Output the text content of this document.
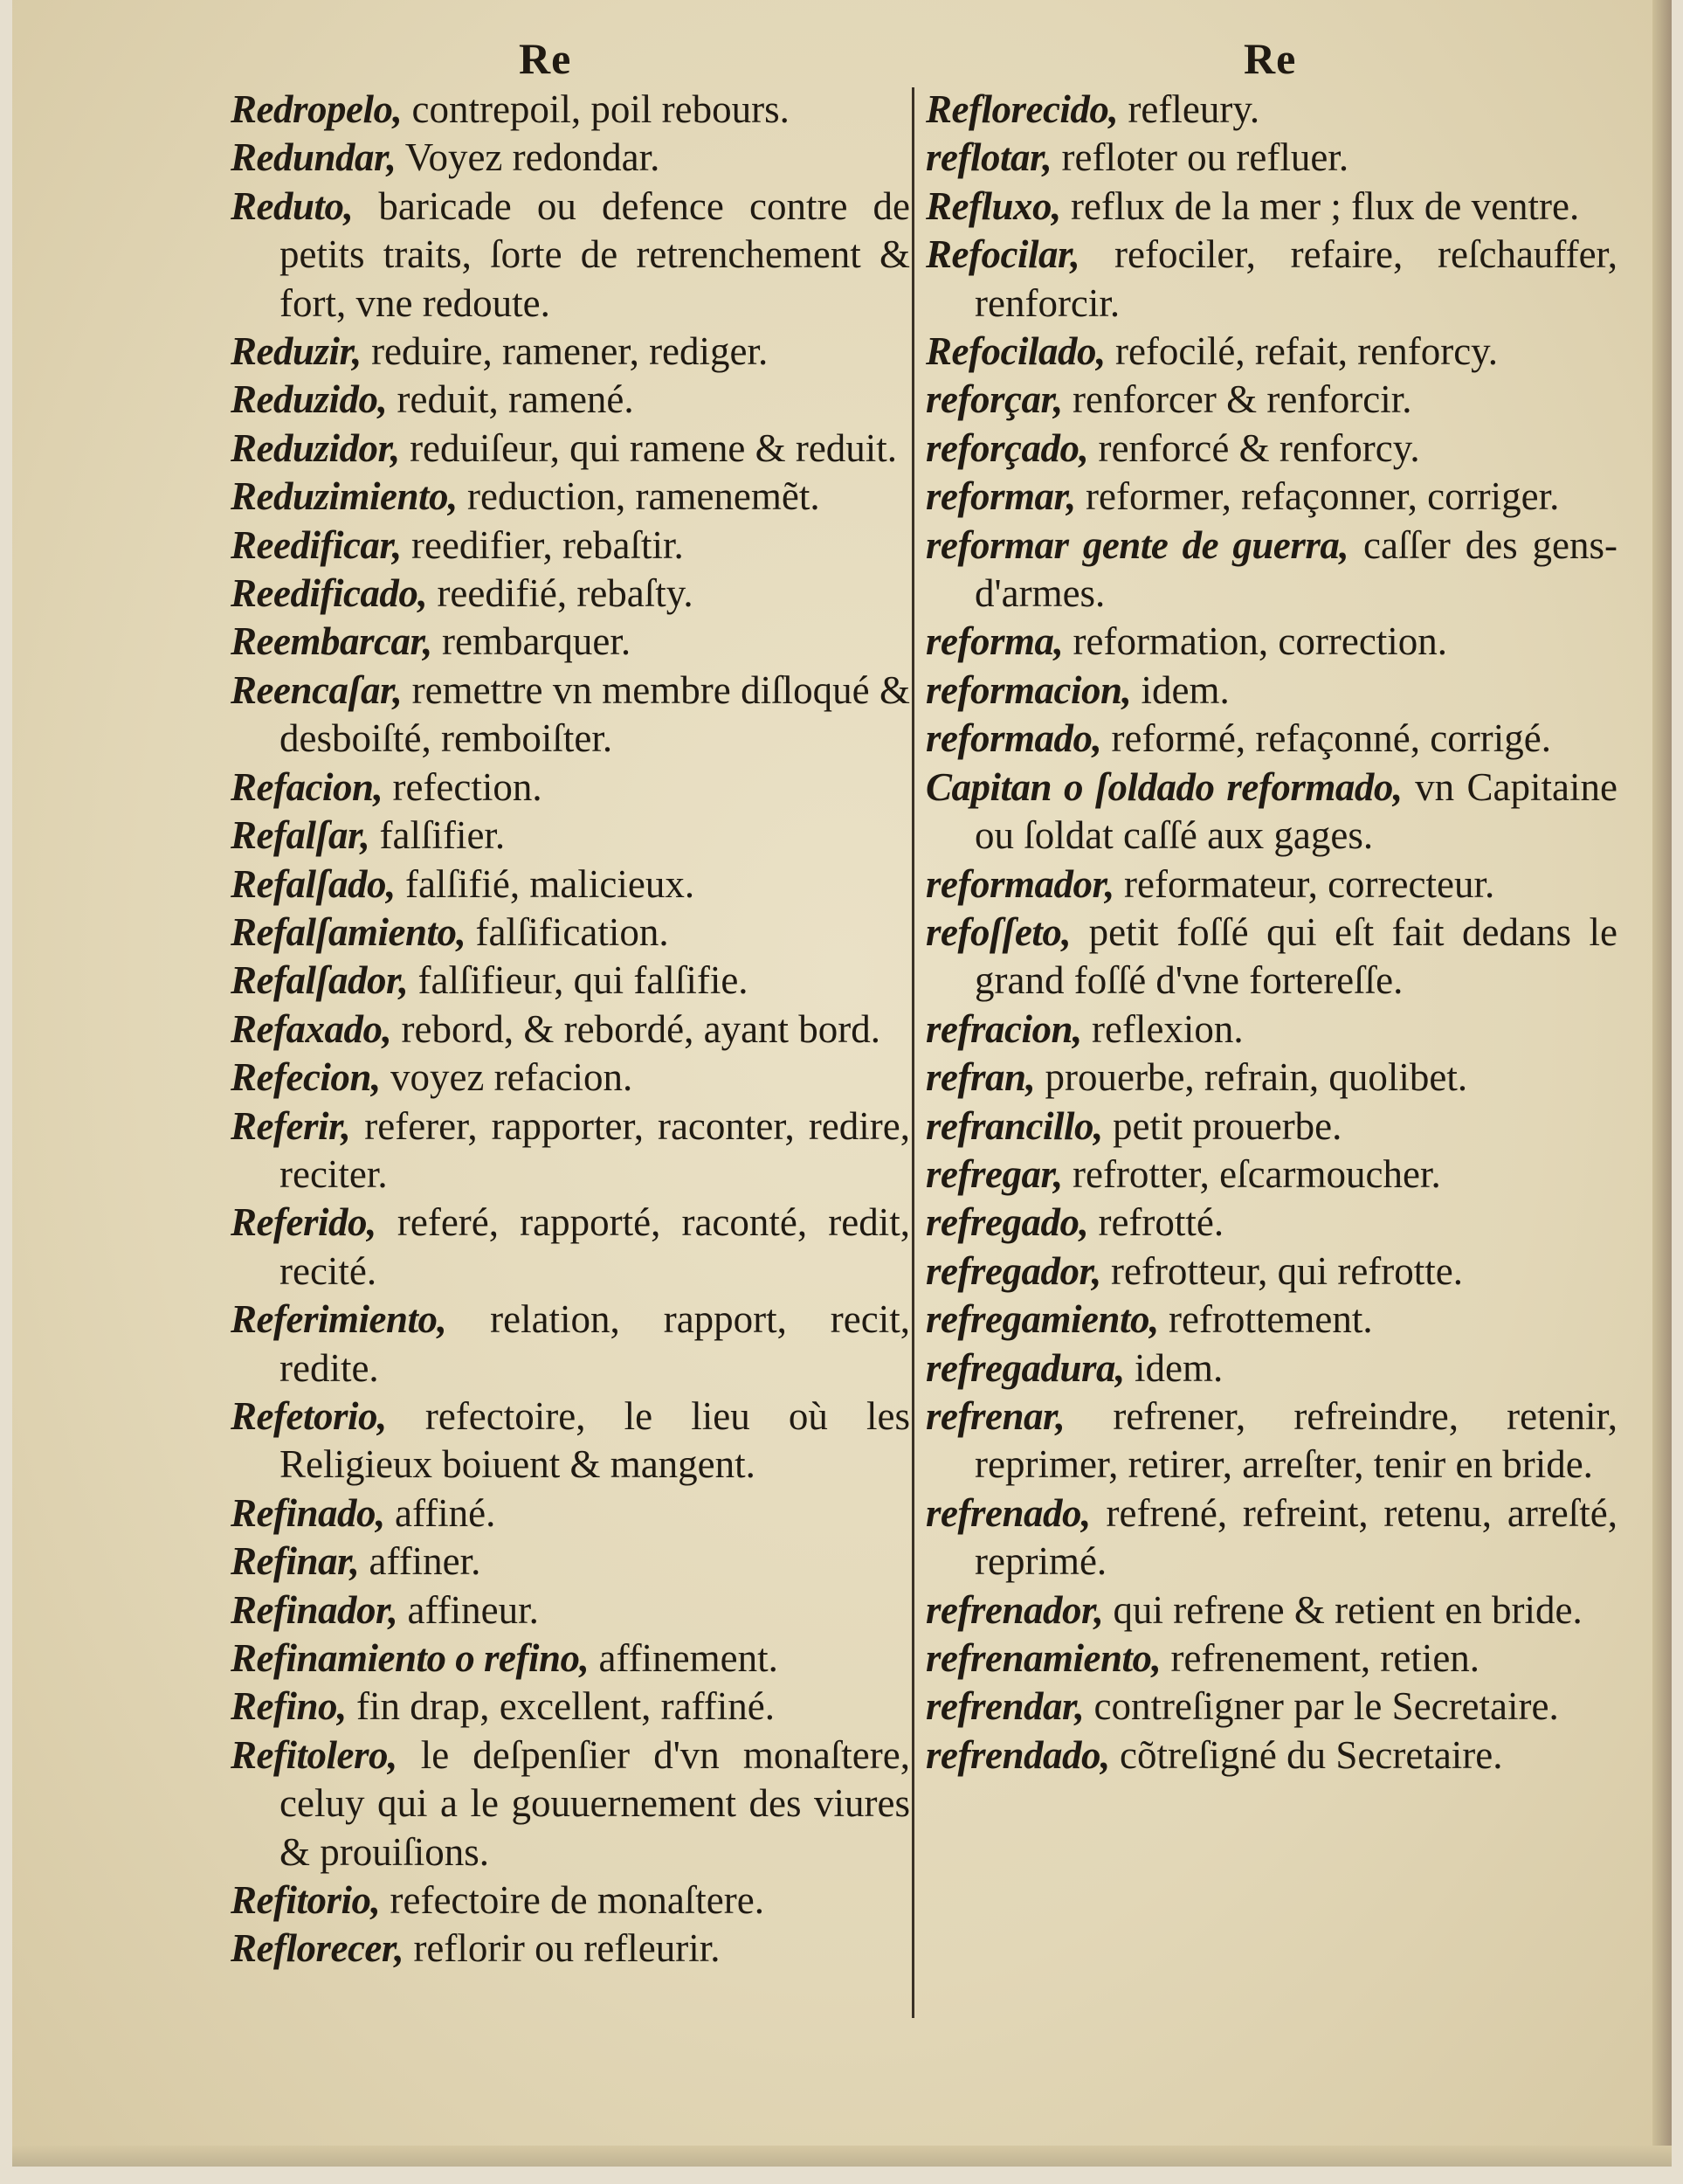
Re	Re

Redropelo, contrepoil, poil rebours.

Redundar, Voyez redondar.

Reduto, baricade ou defence contre de petits traits, ſorte de retrenchement & fort, vne redoute.

Reduzir, reduire, ramener, rediger.

Reduzido, reduit, ramené.

Reduzidor, reduiſeur, qui ramene & reduit.

Reduzimiento, reduction, ramenemẽt.

Reedificar, reedifier, rebaſtir.

Reedificado, reedifié, rebaſty.

Reembarcar, rembarquer.

Reencaſar, remettre vn membre diſloqué & desboiſté, remboiſter.

Refacion, refection.

Refalſar, falſifier.

Refalſado, falſifié, malicieux.

Refalſamiento, falſification.

Refalſador, falſifieur, qui falſifie.

Refaxado, rebord, & rebordé, ayant bord.

Refecion, voyez refacion.

Referir, referer, rapporter, raconter, redire, reciter.

Referido, referé, rapporté, raconté, redit, recité.

Referimiento, relation, rapport, recit, redite.

Refetorio, refectoire, le lieu où les Religieux boiuent & mangent.

Refinado, affiné.

Refinar, affiner.

Refinador, affineur.

Refinamiento o refino, affinement.

Refino, fin drap, excellent, raffiné.

Refitolero, le deſpenſier d'vn monaſtere, celuy qui a le gouuernement des viures & prouiſions.

Refitorio, refectoire de monaſtere.

Reflorecer, reflorir ou refleurir.

Reflorecido, refleury.

reflotar, refloter ou refluer.

Refluxo, reflux de la mer ; flux de ventre.

Refocilar, refociler, refaire, reſchauffer, renforcir.

Refocilado, refocilé, refait, renforcy.

reforçar, renforcer & renforcir.

reforçado, renforcé & renforcy.

reformar, reformer, refaçonner, corriger.

reformar gente de guerra, caſſer des gens-d'armes.

reforma, reformation, correction.

reformacion, idem.

reformado, reformé, refaçonné, corrigé.

Capitan o ſoldado reformado, vn Capitaine ou ſoldat caſſé aux gages.

reformador, reformateur, correcteur.

refoſſeto, petit foſſé qui eſt fait dedans le grand foſſé d'vne fortereſſe.

refracion, reflexion.

refran, prouerbe, refrain, quolibet.

refrancillo, petit prouerbe.

refregar, refrotter, eſcarmoucher.

refregado, refrotté.

refregador, refrotteur, qui refrotte.

refregamiento, refrottement.

refregadura, idem.

refrenar, refrener, refreindre, retenir, reprimer, retirer, arreſter, tenir en bride.

refrenado, refrené, refreint, retenu, arreſté, reprimé.

refrenador, qui refrene & retient en bride.

refrenamiento, refrenement, retien.

refrendar, contreſigner par le Secretaire.

refrendado, cõtreſigné du Secretaire.
